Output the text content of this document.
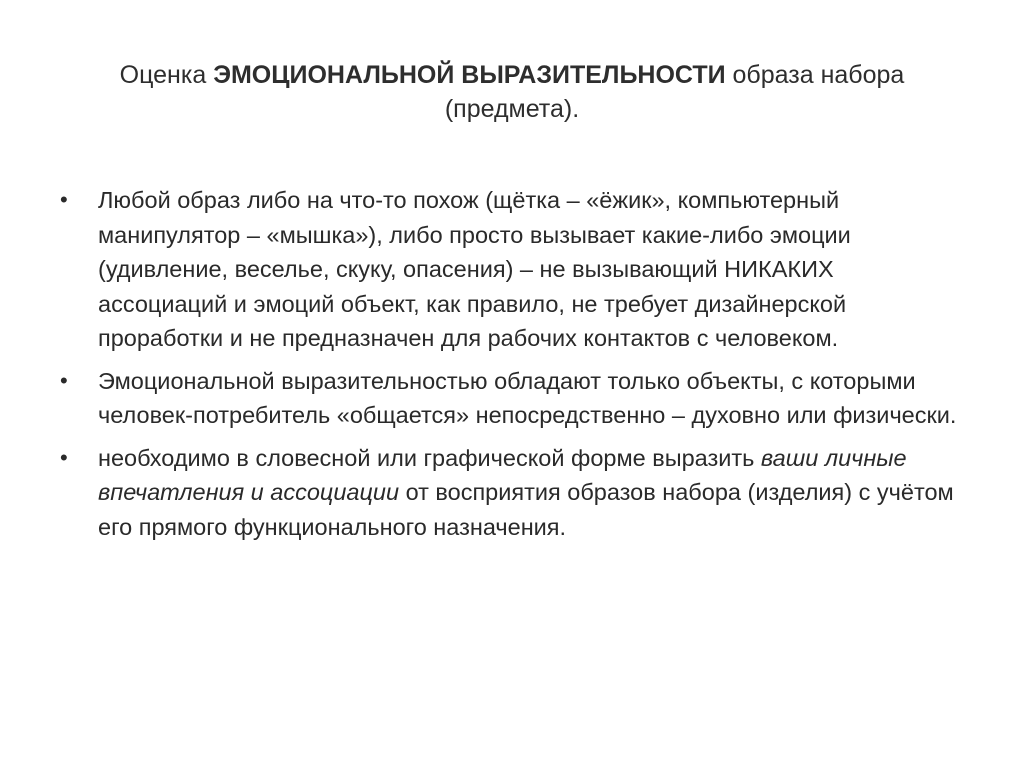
Оценка ЭМОЦИОНАЛЬНОЙ ВЫРАЗИТЕЛЬНОСТИ образа набора (предмета).
•	Любой образ либо на что-то похож (щётка – «ёжик», компьютерный манипулятор – «мышка»), либо просто вызывает какие-либо эмоции (удивление, веселье, скуку, опасения) – не вызывающий НИКАКИХ ассоциаций и эмоций объект, как правило, не требует дизайнерской проработки и не предназначен для рабочих контактов с человеком.
•	Эмоциональной выразительностью обладают только объекты, с которыми человек-потребитель «общается» непосредственно – духовно или физически.
•	необходимо в словесной или графической форме выразить ваши личные впечатления и ассоциации от восприятия образов набора (изделия) с учётом его прямого функционального назначения.
